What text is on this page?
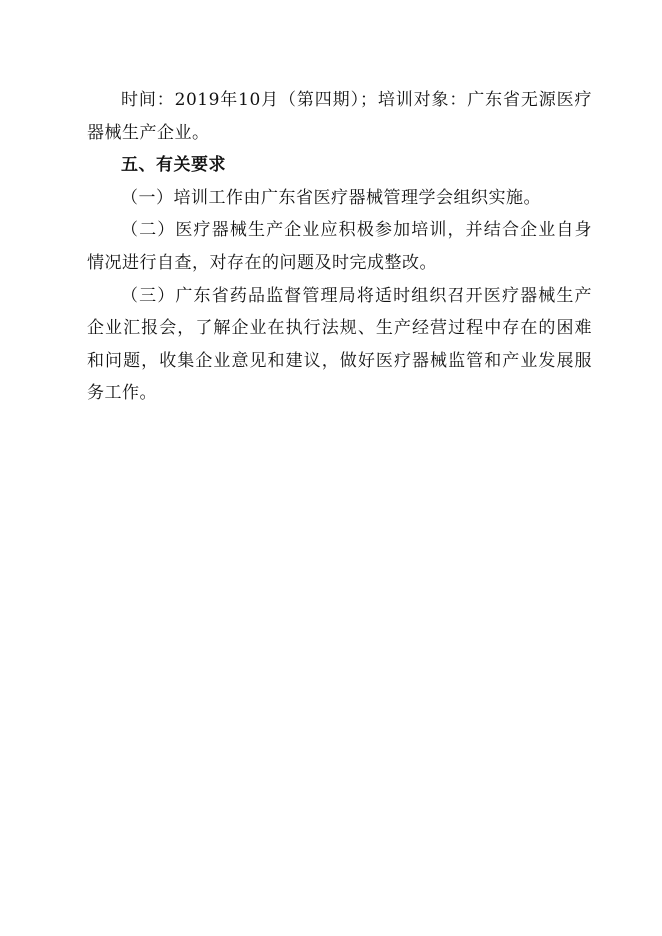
时间：2019年10月（第四期）；培训对象：广东省无源医疗器械生产企业。

五、有关要求

（一）培训工作由广东省医疗器械管理学会组织实施。

（二）医疗器械生产企业应积极参加培训，并结合企业自身情况进行自查，对存在的问题及时完成整改。

（三）广东省药品监督管理局将适时组织召开医疗器械生产企业汇报会，了解企业在执行法规、生产经营过程中存在的困难和问题，收集企业意见和建议，做好医疗器械监管和产业发展服务工作。
